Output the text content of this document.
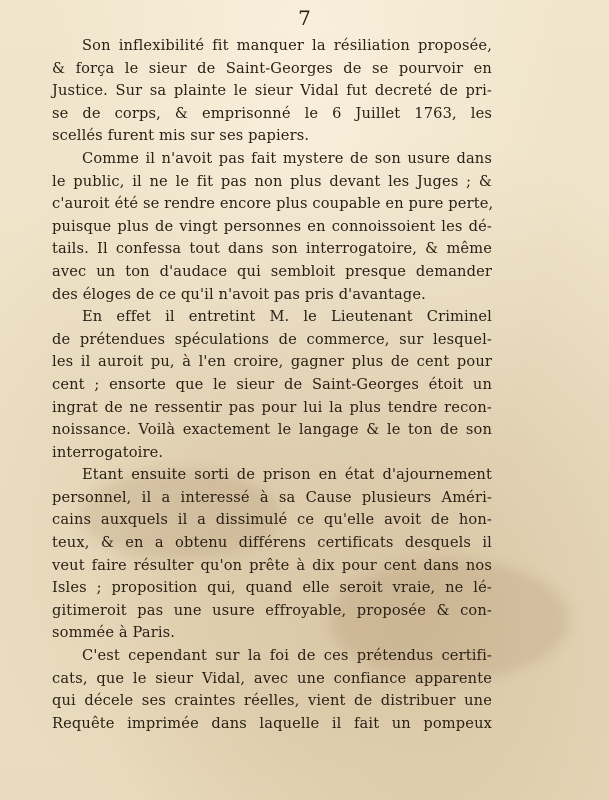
7
Son inflexibilité fit manquer la résiliation proposée,
& força le sieur de Saint-Georges de se pourvoir en
Justice. Sur sa plainte le sieur Vidal fut decreté de pri-
se de corps, & emprisonné le 6 Juillet 1763, les
scellés furent mis sur ses papiers.
Comme il n'avoit pas fait mystere de son usure dans
le public, il ne le fit pas non plus devant les Juges ; &
c'auroit été se rendre encore plus coupable en pure perte,
puisque plus de vingt personnes en connoissoient les dé-
tails. Il confessa tout dans son interrogatoire, & même
avec un ton d'audace qui sembloit presque demander
des éloges de ce qu'il n'avoit pas pris d'avantage.
En effet il entretint M. le Lieutenant Criminel
de prétendues spéculations de commerce, sur lesquel-
les il auroit pu, à l'en croire, gagner plus de cent pour
cent ; ensorte que le sieur de Saint-Georges étoit un
ingrat de ne ressentir pas pour lui la plus tendre recon-
noissance. Voilà exactement le langage & le ton de son
interrogatoire.
Etant ensuite sorti de prison en état d'ajournement
personnel, il a interessé à sa Cause plusieurs Améri-
cains auxquels il a dissimulé ce qu'elle avoit de hon-
teux, & en a obtenu différens certificats desquels il
veut faire résulter qu'on prête à dix pour cent dans nos
Isles ; proposition qui, quand elle seroit vraie, ne lé-
gitimeroit pas une usure effroyable, proposée & con-
sommée à Paris.
C'est cependant sur la foi de ces prétendus certifi-
cats, que le sieur Vidal, avec une confiance apparente
qui décele ses craintes réelles, vient de distribuer une
Requête imprimée dans laquelle il fait un pompeux
